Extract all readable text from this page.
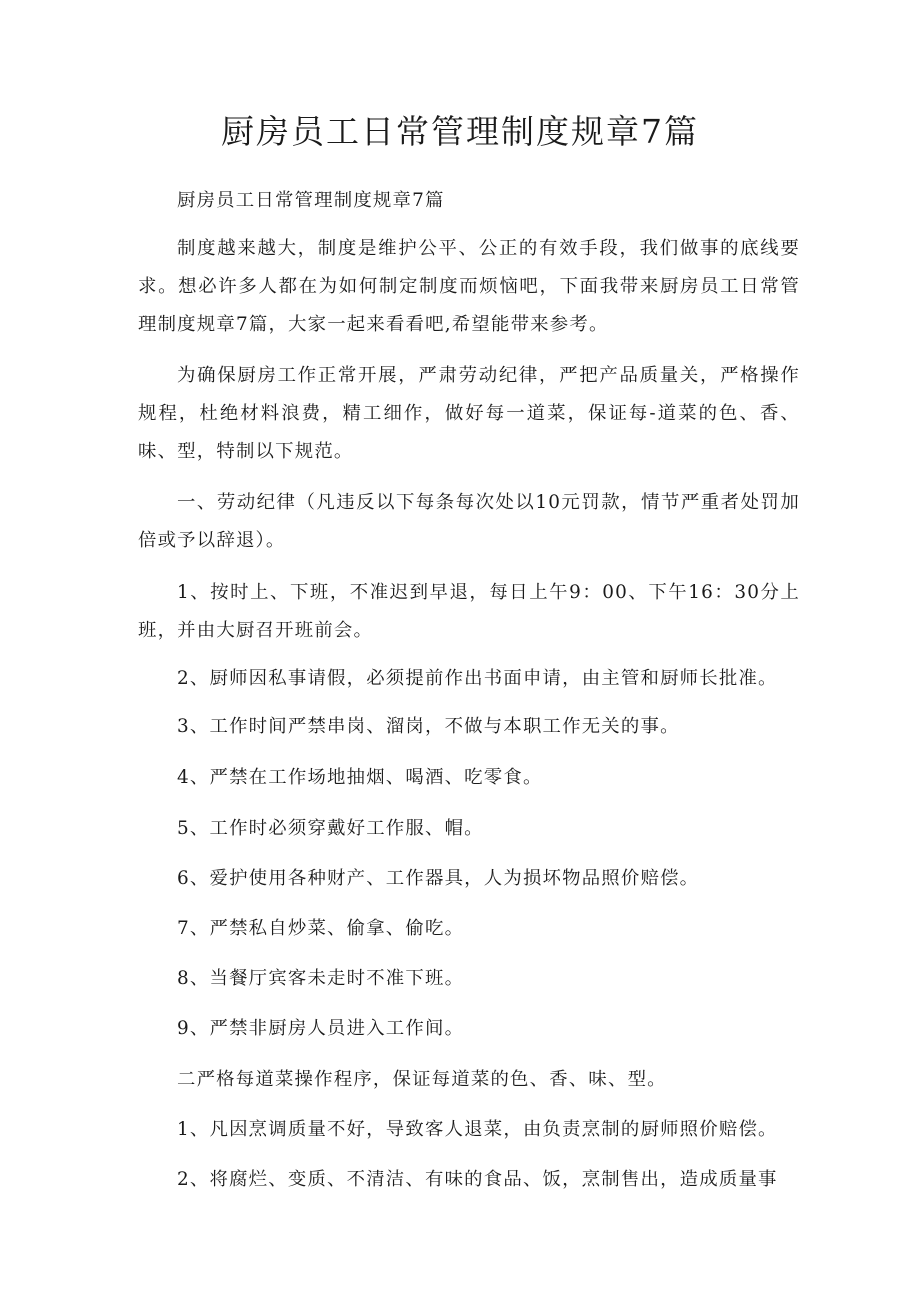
厨房员工日常管理制度规章7篇

厨房员工日常管理制度规章7篇

制度越来越大，制度是维护公平、公正的有效手段，我们做事的底线要求。想必许多人都在为如何制定制度而烦恼吧，下面我带来厨房员工日常管理制度规章7篇，大家一起来看看吧,希望能带来参考。

为确保厨房工作正常开展，严肃劳动纪律，严把产品质量关，严格操作规程，杜绝材料浪费，精工细作，做好每一道菜，保证每-道菜的色、香、味、型，特制以下规范。

一、劳动纪律（凡违反以下每条每次处以10元罚款，情节严重者处罚加倍或予以辞退）。

1、按时上、下班，不准迟到早退，每日上午9：00、下午16：30分上班，并由大厨召开班前会。

2、厨师因私事请假，必须提前作出书面申请，由主管和厨师长批准。

3、工作时间严禁串岗、溜岗，不做与本职工作无关的事。

4、严禁在工作场地抽烟、喝酒、吃零食。

5、工作时必须穿戴好工作服、帽。

6、爱护使用各种财产、工作器具，人为损坏物品照价赔偿。

7、严禁私自炒菜、偷拿、偷吃。

8、当餐厅宾客未走时不准下班。

9、严禁非厨房人员进入工作间。

二严格每道菜操作程序，保证每道菜的色、香、味、型。

1、凡因烹调质量不好，导致客人退菜，由负责烹制的厨师照价赔偿。

2、将腐烂、变质、不清洁、有味的食品、饭，烹制售出，造成质量事
